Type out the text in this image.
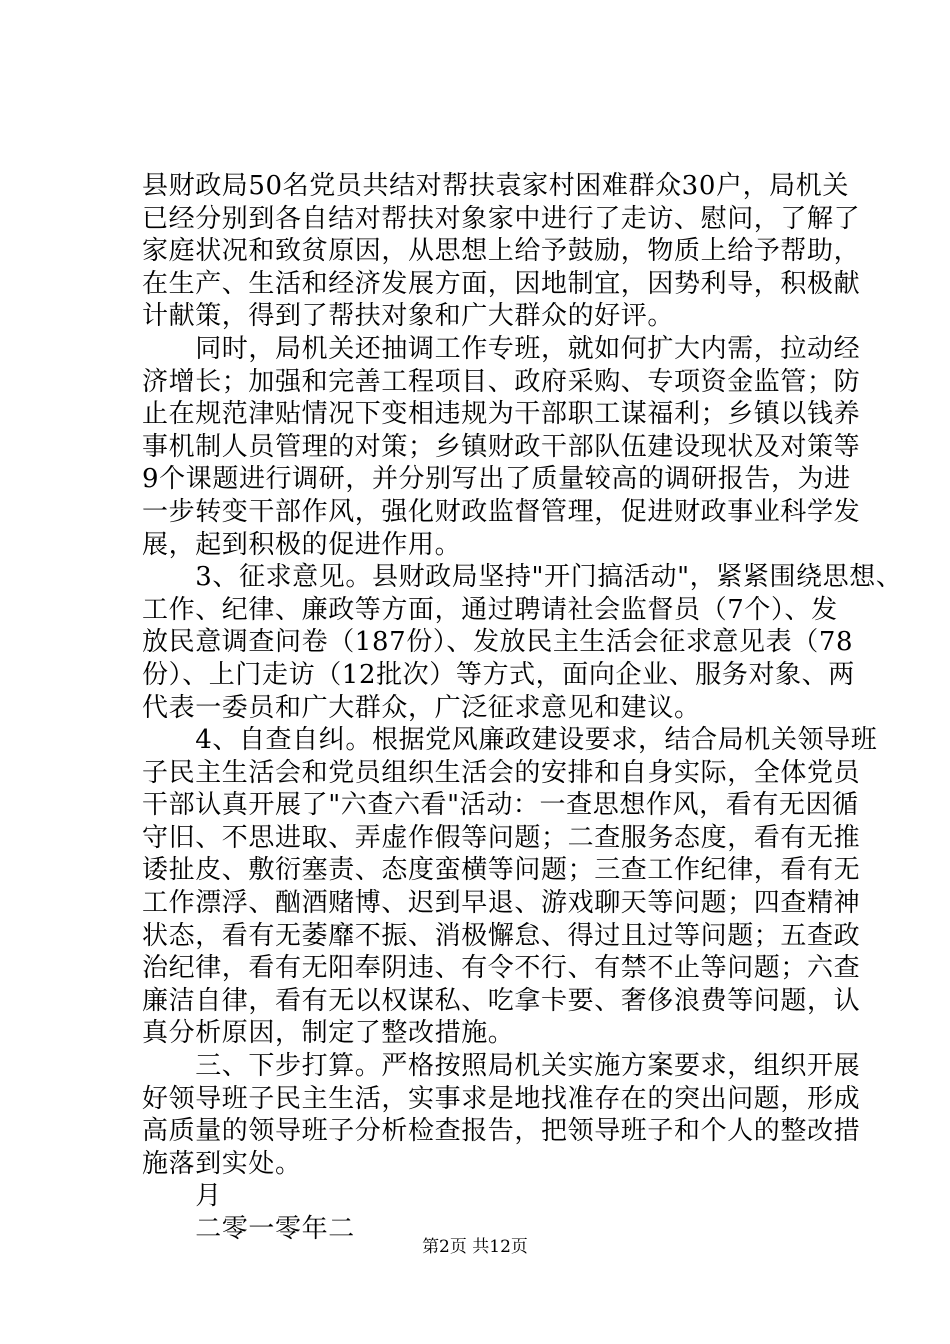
县财政局50名党员共结对帮扶袁家村困难群众30户，局机关
已经分别到各自结对帮扶对象家中进行了走访、慰问，了解了
家庭状况和致贫原因，从思想上给予鼓励，物质上给予帮助，
在生产、生活和经济发展方面，因地制宜，因势利导，积极献
计献策，得到了帮扶对象和广大群众的好评。

　　同时，局机关还抽调工作专班，就如何扩大内需，拉动经
济增长；加强和完善工程项目、政府采购、专项资金监管；防
止在规范津贴情况下变相违规为干部职工谋福利；乡镇以钱养
事机制人员管理的对策；乡镇财政干部队伍建设现状及对策等
9个课题进行调研，并分别写出了质量较高的调研报告，为进
一步转变干部作风，强化财政监督管理，促进财政事业科学发
展，起到积极的促进作用。

　　3、征求意见。县财政局坚持"开门搞活动"，紧紧围绕思想、
工作、纪律、廉政等方面，通过聘请社会监督员（7个）、发
放民意调查问卷（187份）、发放民主生活会征求意见表（78
份）、上门走访（12批次）等方式，面向企业、服务对象、两
代表一委员和广大群众，广泛征求意见和建议。

　　4、自查自纠。根据党风廉政建设要求，结合局机关领导班
子民主生活会和党员组织生活会的安排和自身实际，全体党员
干部认真开展了"六查六看"活动：一查思想作风，看有无因循
守旧、不思进取、弄虚作假等问题；二查服务态度，看有无推
诿扯皮、敷衍塞责、态度蛮横等问题；三查工作纪律，看有无
工作漂浮、酗酒赌博、迟到早退、游戏聊天等问题；四查精神
状态，看有无萎靡不振、消极懈怠、得过且过等问题；五查政
治纪律，看有无阳奉阴违、有令不行、有禁不止等问题；六查
廉洁自律，看有无以权谋私、吃拿卡要、奢侈浪费等问题，认
真分析原因，制定了整改措施。

　　三、下步打算。严格按照局机关实施方案要求，组织开展
好领导班子民主生活，实事求是地找准存在的突出问题，形成
高质量的领导班子分析检查报告，把领导班子和个人的整改措
施落到实处。

　　月

　　二零一零年二

第2页 共12页
